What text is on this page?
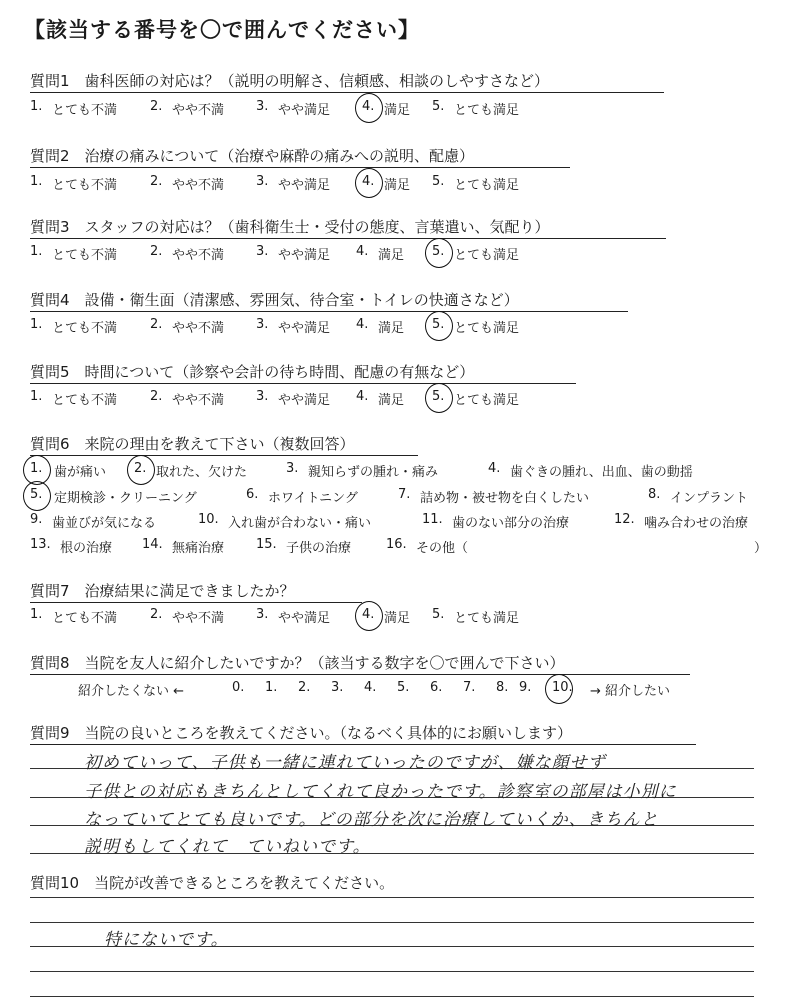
【該当する番号を〇で囲んでください】
質問1　歯科医師の対応は？（説明の明解さ、信頼感、相談のしやすさなど）
1. とても不満	2. やや不満 3. やや満足 4. 満足 5. とても満足
質問2　治療の痛みについて（治療や麻酔の痛みへの説明、配慮）
1. とても不満	2. やや不満 3. やや満足 4. 満足 5. とても満足
質問3　スタッフの対応は？（歯科衛生士・受付の態度、言葉遣い、気配り）
1. とても不満	2. やや不満 3. やや満足 4. 満足 5. とても満足
質問4　設備・衛生面（清潔感、雰囲気、待合室・トイレの快適さなど）
1. とても不満	2. やや不満 3. やや満足 4. 満足 5. とても満足
質問5　時間について（診察や会計の待ち時間、配慮の有無など）
1. とても不満	2. やや不満 3. やや満足 4. 満足 5. とても満足
質問6　来院の理由を教えて下さい（複数回答）
1. 歯が痛い 2. 取れた、欠けた	3. 親知らずの腫れ・痛み	4. 歯ぐきの腫れ、出血、歯の動揺
5. 定期検診・クリーニング	6. ホワイトニング	7. 詰め物・被せ物を白くしたい	8. インプラント
9. 歯並びが気になる	10. 入れ歯が合わない・痛い	11. 歯のない部分の治療	12. 噛み合わせの治療
13. 根の治療 14. 無痛治療 15. 子供の治療	16. その他（	）
質問7　治療結果に満足できましたか？
1. とても不満	2. やや不満 3. やや満足 4. 満足 5. とても満足
質問8　当院を友人に紹介したいですか？（該当する数字を〇で囲んで下さい）
紹介したくない ←	0. 1. 2. 3. 4. 5. 6. 7. 8. 9. 10. → 紹介したい
質問9　当院の良いところを教えてください。（なるべく具体的にお願いします）
初めていって、子供も一緒に連れていったのですが、嫌な顔せず
子供との対応もきちんとしてくれて良かったです。診察室の部屋は小別に
なっていてとても良いです。どの部分を次に治療していくか、きちんと
説明もしてくれて　ていねいです。
質問10　当院が改善できるところを教えてください。
特にないです。
